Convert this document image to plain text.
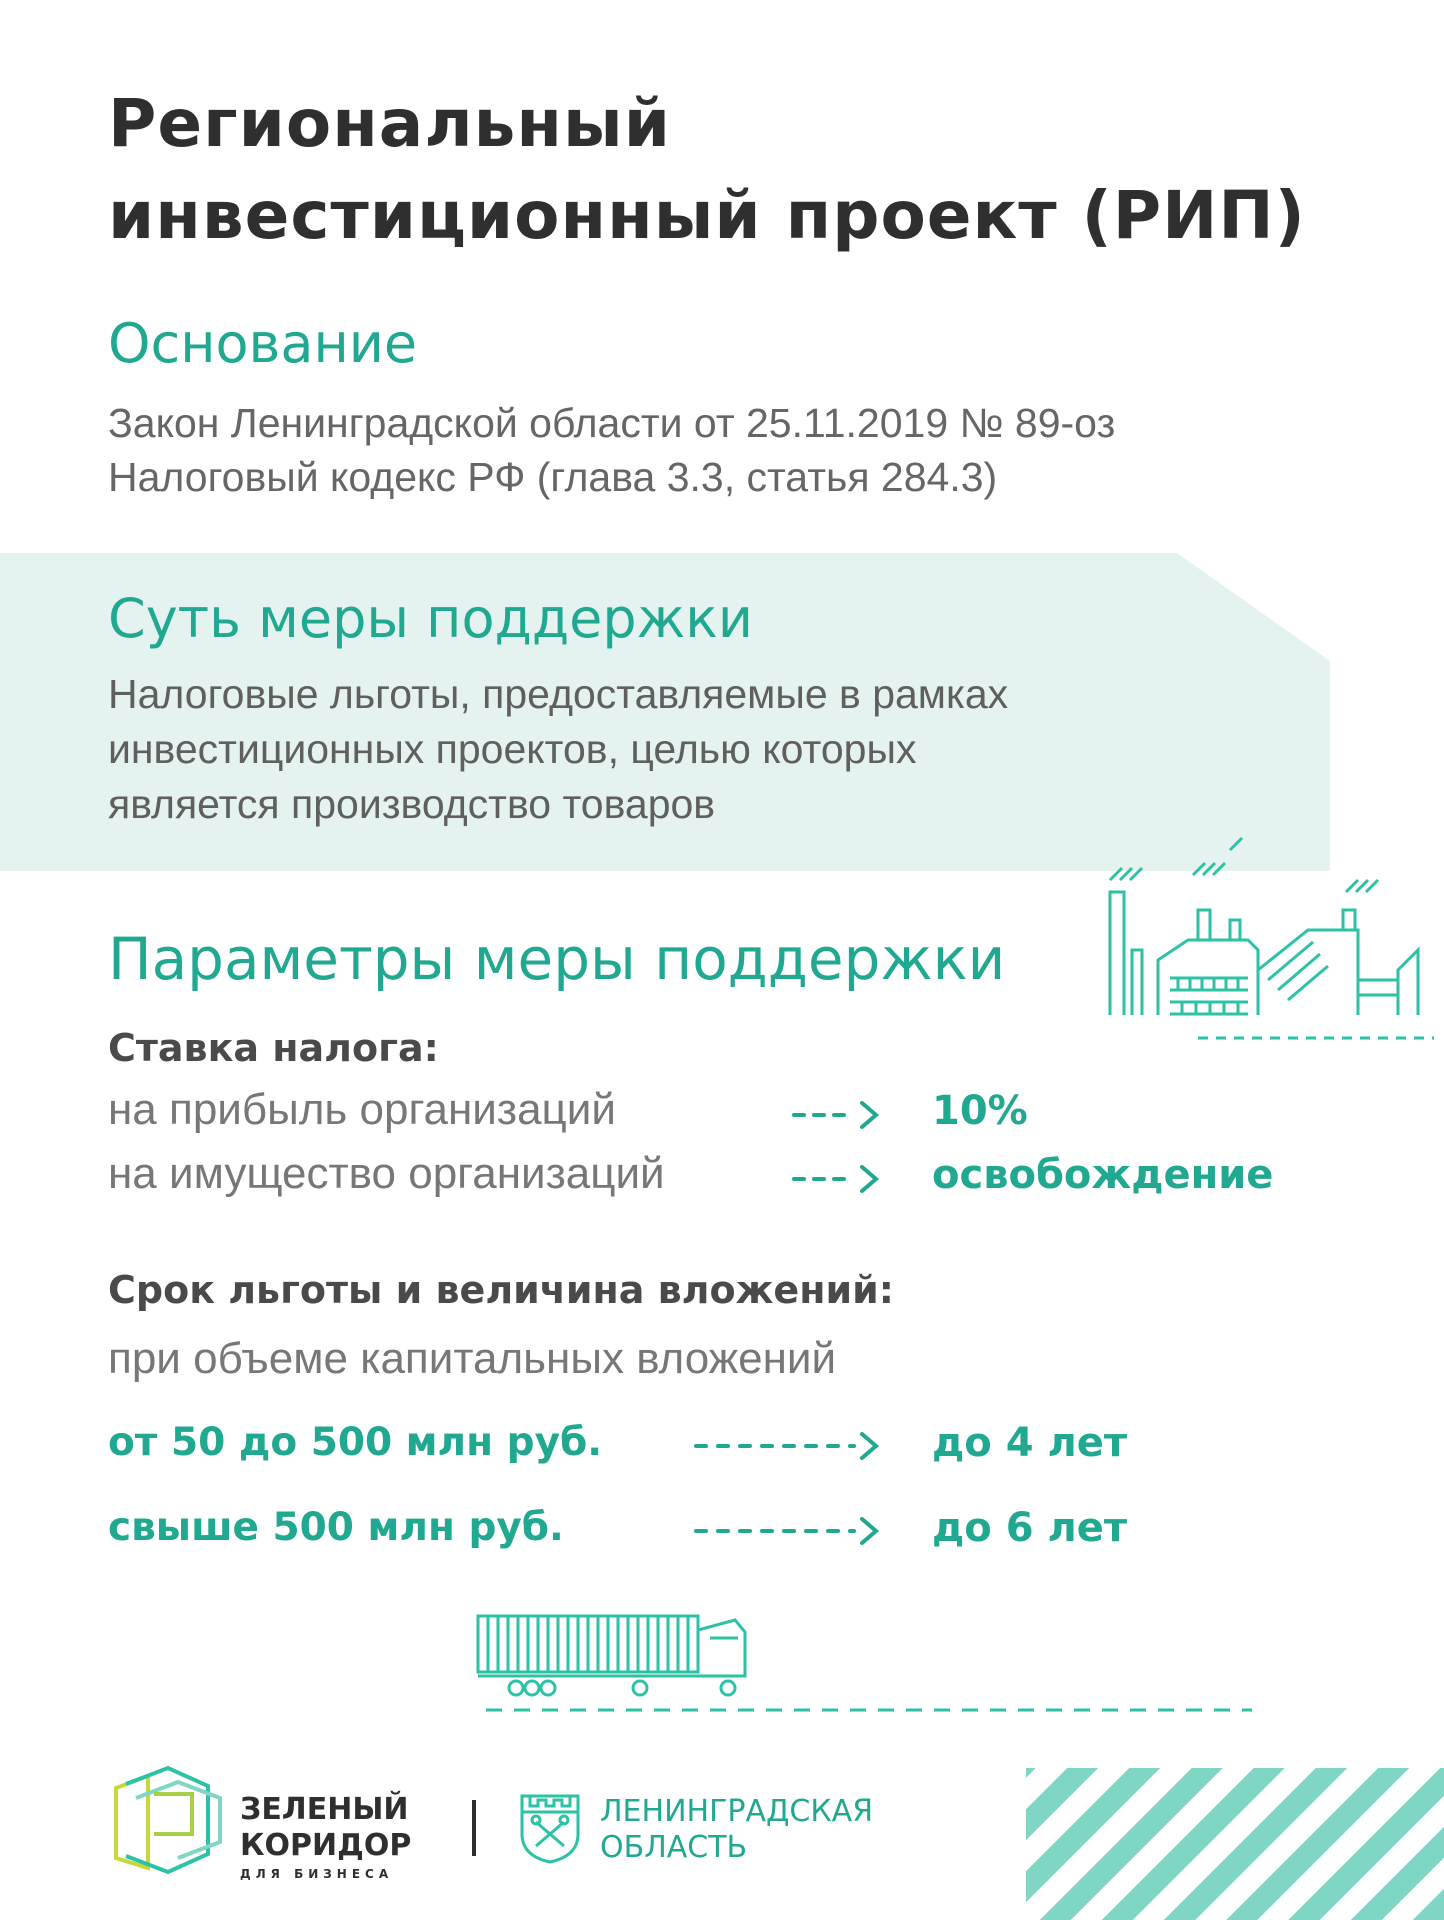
Региональный
инвестиционный проект (РИП)
Основание
Закон Ленинградской области от 25.11.2019 № 89-оз
Налоговый кодекс РФ (глава 3.3, статья 284.3)
Суть меры поддержки
Налоговые льготы, предоставляемые в рамках
инвестиционных проектов, целью которых
является производство товаров
Параметры меры поддержки
Ставка налога:
на прибыль организаций	10%
на имущество организаций	освобождение
Срок льготы и величина вложений:
при объеме капитальных вложений
от 50 до 500 млн руб.	до 4 лет
свыше 500 млн руб.	до 6 лет
ЗЕЛЕНЫЙ
КОРИДОР
ДЛЯ БИЗНЕСА
ЛЕНИНГРАДСКАЯ
ОБЛАСТЬ
